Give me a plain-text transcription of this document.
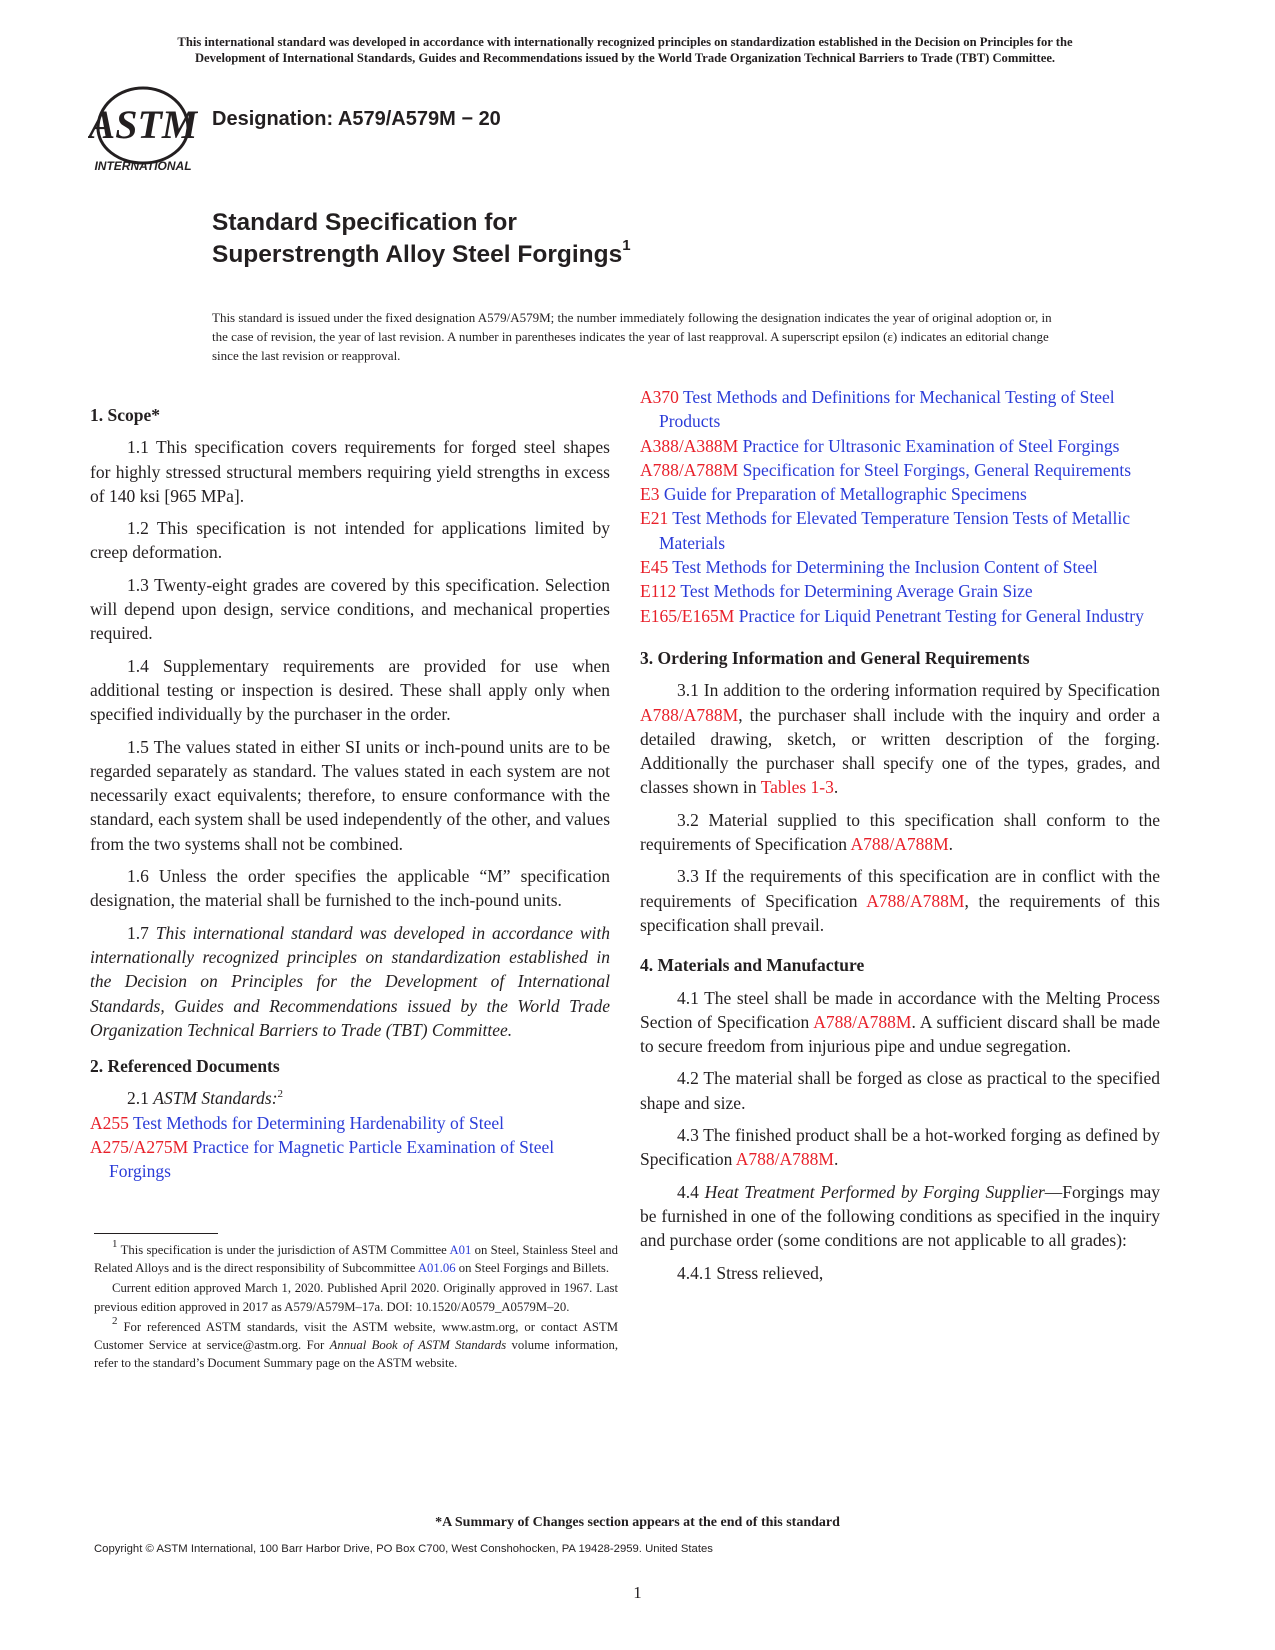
This international standard was developed in accordance with internationally recognized principles on standardization established in the Decision on Principles for the
Development of International Standards, Guides and Recommendations issued by the World Trade Organization Technical Barriers to Trade (TBT) Committee.
ASTM
INTERNATIONAL
Designation: A579/A579M − 20
Standard Specification for
Superstrength Alloy Steel Forgings$^1$
This standard is issued under the fixed designation A579/A579M; the number immediately following the designation indicates the year of original adoption or, in the case of revision, the year of last revision. A number in parentheses indicates the year of last reapproval. A superscript epsilon (ε) indicates an editorial change since the last revision or reapproval.
1. Scope*

1.1 This specification covers requirements for forged steel shapes for highly stressed structural members requiring yield strengths in excess of 140 ksi [965 MPa].

1.2 This specification is not intended for applications limited by creep deformation.

1.3 Twenty-eight grades are covered by this specification. Selection will depend upon design, service conditions, and mechanical properties required.

1.4 Supplementary requirements are provided for use when additional testing or inspection is desired. These shall apply only when specified individually by the purchaser in the order.

1.5 The values stated in either SI units or inch-pound units are to be regarded separately as standard. The values stated in each system are not necessarily exact equivalents; therefore, to ensure conformance with the standard, each system shall be used independently of the other, and values from the two systems shall not be combined.

1.6 Unless the order specifies the applicable “M” specification designation, the material shall be furnished to the inch-pound units.

1.7 This international standard was developed in accordance with internationally recognized principles on standardization established in the Decision on Principles for the Development of International Standards, Guides and Recommendations issued by the World Trade Organization Technical Barriers to Trade (TBT) Committee.

2. Referenced Documents

2.1 ASTM Standards:$^2$

A255 Test Methods for Determining Hardenability of Steel

A275/A275M Practice for Magnetic Particle Examination of Steel Forgings

$^1$ This specification is under the jurisdiction of ASTM Committee A01 on Steel, Stainless Steel and Related Alloys and is the direct responsibility of Subcommittee A01.06 on Steel Forgings and Billets.

Current edition approved March 1, 2020. Published April 2020. Originally approved in 1967. Last previous edition approved in 2017 as A579/A579M–17a. DOI: 10.1520/A0579_A0579M–20.

$^2$ For referenced ASTM standards, visit the ASTM website, www.astm.org, or contact ASTM Customer Service at service@astm.org. For Annual Book of ASTM Standards volume information, refer to the standard’s Document Summary page on the ASTM website.

A370 Test Methods and Definitions for Mechanical Testing of Steel Products

A388/A388M Practice for Ultrasonic Examination of Steel Forgings

A788/A788M Specification for Steel Forgings, General Requirements

E3 Guide for Preparation of Metallographic Specimens

E21 Test Methods for Elevated Temperature Tension Tests of Metallic Materials

E45 Test Methods for Determining the Inclusion Content of Steel

E112 Test Methods for Determining Average Grain Size

E165/E165M Practice for Liquid Penetrant Testing for General Industry

3. Ordering Information and General Requirements

3.1 In addition to the ordering information required by Specification A788/A788M, the purchaser shall include with the inquiry and order a detailed drawing, sketch, or written description of the forging. Additionally the purchaser shall specify one of the types, grades, and classes shown in Tables 1-3.

3.2 Material supplied to this specification shall conform to the requirements of Specification A788/A788M.

3.3 If the requirements of this specification are in conflict with the requirements of Specification A788/A788M, the requirements of this specification shall prevail.

4. Materials and Manufacture

4.1 The steel shall be made in accordance with the Melting Process Section of Specification A788/A788M. A sufficient discard shall be made to secure freedom from injurious pipe and undue segregation.

4.2 The material shall be forged as close as practical to the specified shape and size.

4.3 The finished product shall be a hot-worked forging as defined by Specification A788/A788M.

4.4 Heat Treatment Performed by Forging Supplier—Forgings may be furnished in one of the following conditions as specified in the inquiry and purchase order (some conditions are not applicable to all grades):

4.4.1 Stress relieved,

*A Summary of Changes section appears at the end of this standard
Copyright © ASTM International, 100 Barr Harbor Drive, PO Box C700, West Conshohocken, PA 19428-2959. United States
1
